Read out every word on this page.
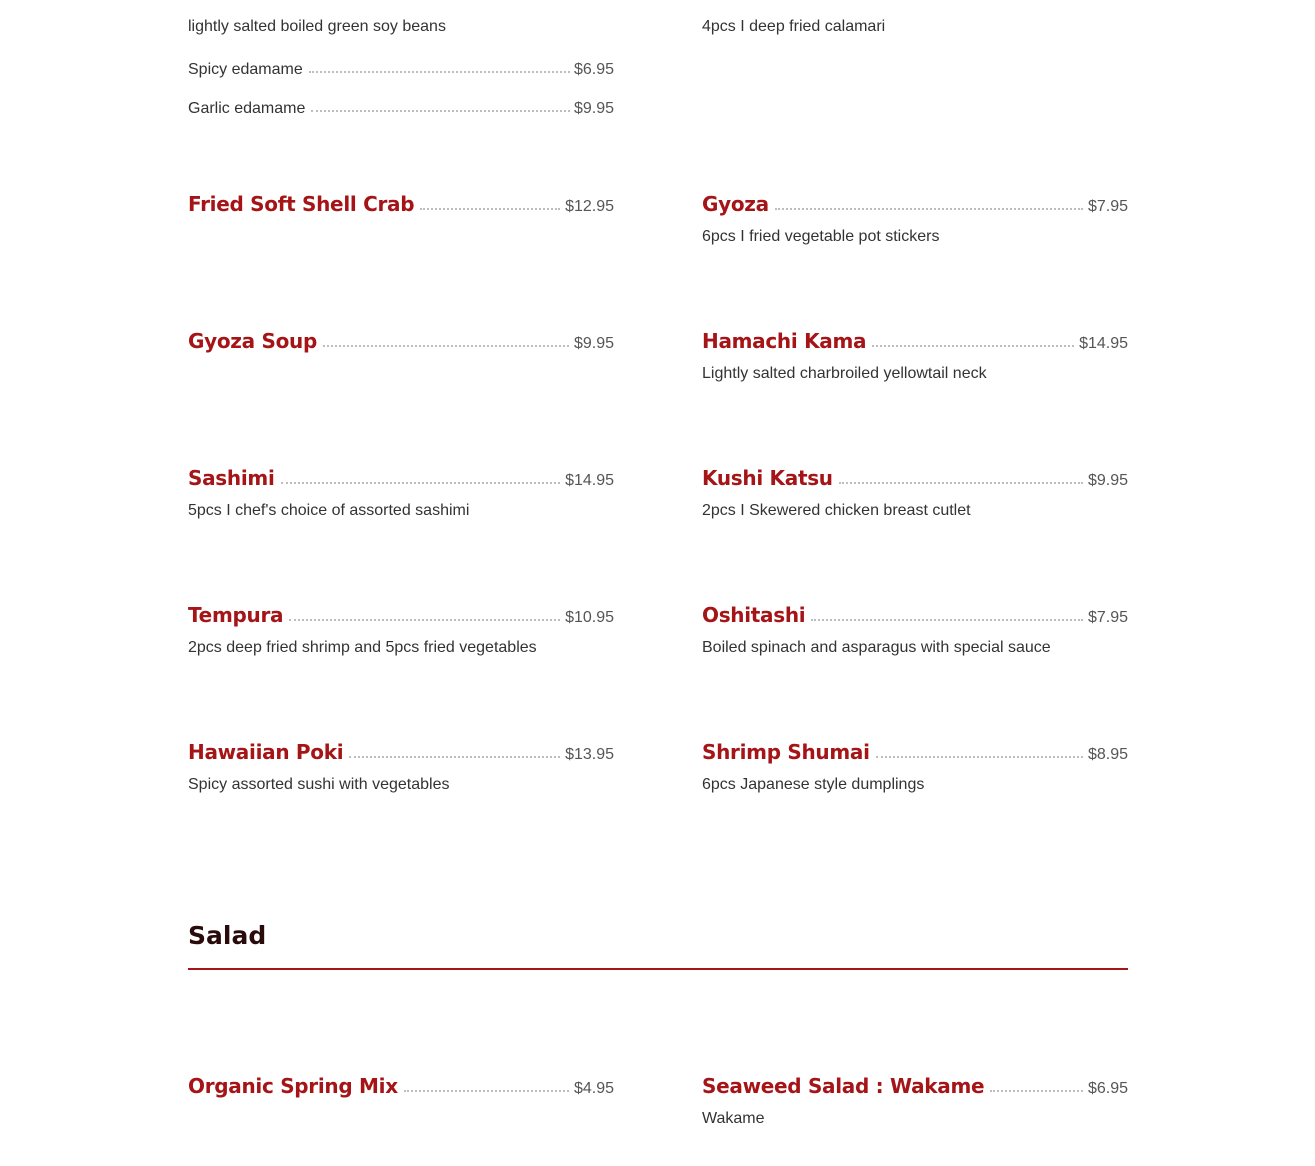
lightly salted boiled green soy beans
Spicy edamame	$6.95
Garlic edamame	$9.95
4pcs I deep fried calamari
Fried Soft Shell Crab	$12.95	Gyoza	$7.95
6pcs I fried vegetable pot stickers
Gyoza Soup	$9.95	Hamachi Kama	$14.95
Lightly salted charbroiled yellowtail neck
Sashimi	$14.95
5pcs I chef's choice of assorted sashimi
Kushi Katsu	$9.95
2pcs I Skewered chicken breast cutlet
Tempura	$10.95
2pcs deep fried shrimp and 5pcs fried vegetables
Oshitashi	$7.95
Boiled spinach and asparagus with special sauce
Hawaiian Poki	$13.95
Spicy assorted sushi with vegetables
Shrimp Shumai	$8.95
6pcs Japanese style dumplings
Salad
Organic Spring Mix	$4.95	Seaweed Salad : Wakame	$6.95
Wakame
